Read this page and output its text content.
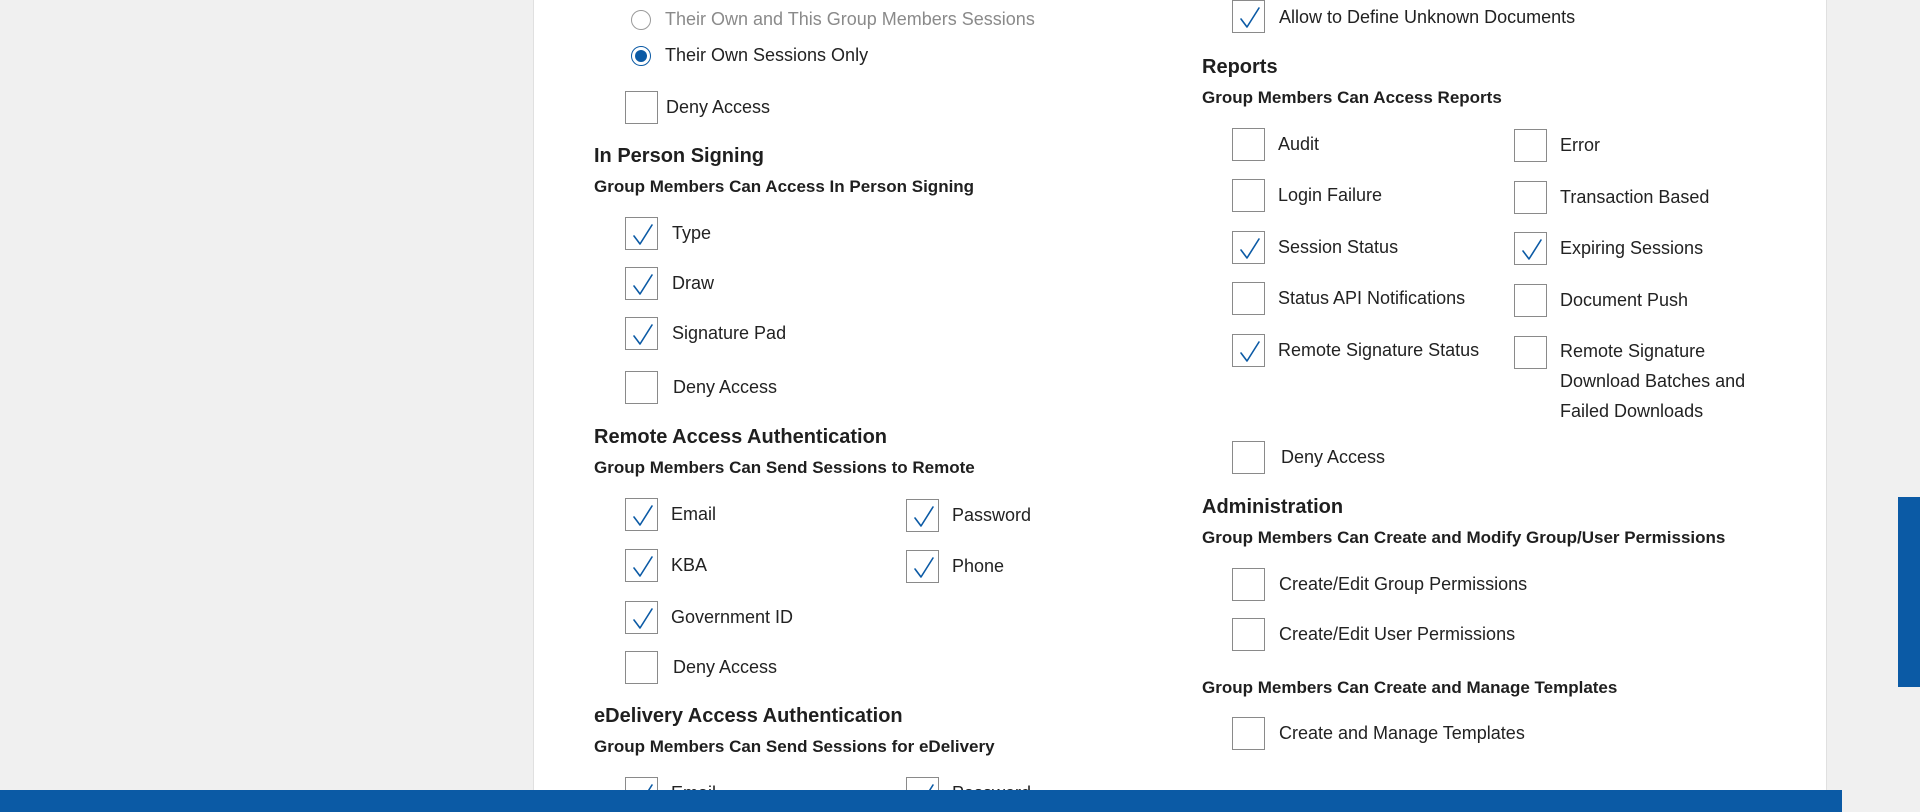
Their Own and This Group Members Sessions
Their Own Sessions Only
Deny Access
In Person Signing
Group Members Can Access In Person Signing
Type
Draw
Signature Pad
Deny Access
Remote Access Authentication
Group Members Can Send Sessions to Remote
Email	Password
KBA	Phone
Government ID
Deny Access
eDelivery Access Authentication
Group Members Can Send Sessions for eDelivery
Allow to Define Unknown Documents
Reports
Group Members Can Access Reports
Audit	Error
Login Failure	Transaction Based
Session Status	Expiring Sessions
Status API Notifications	Document Push
Remote Signature Status	Remote Signature Download Batches and Failed Downloads
Deny Access
Administration
Group Members Can Create and Modify Group/User Permissions
Create/Edit Group Permissions
Create/Edit User Permissions
Group Members Can Create and Manage Templates
Create and Manage Templates
